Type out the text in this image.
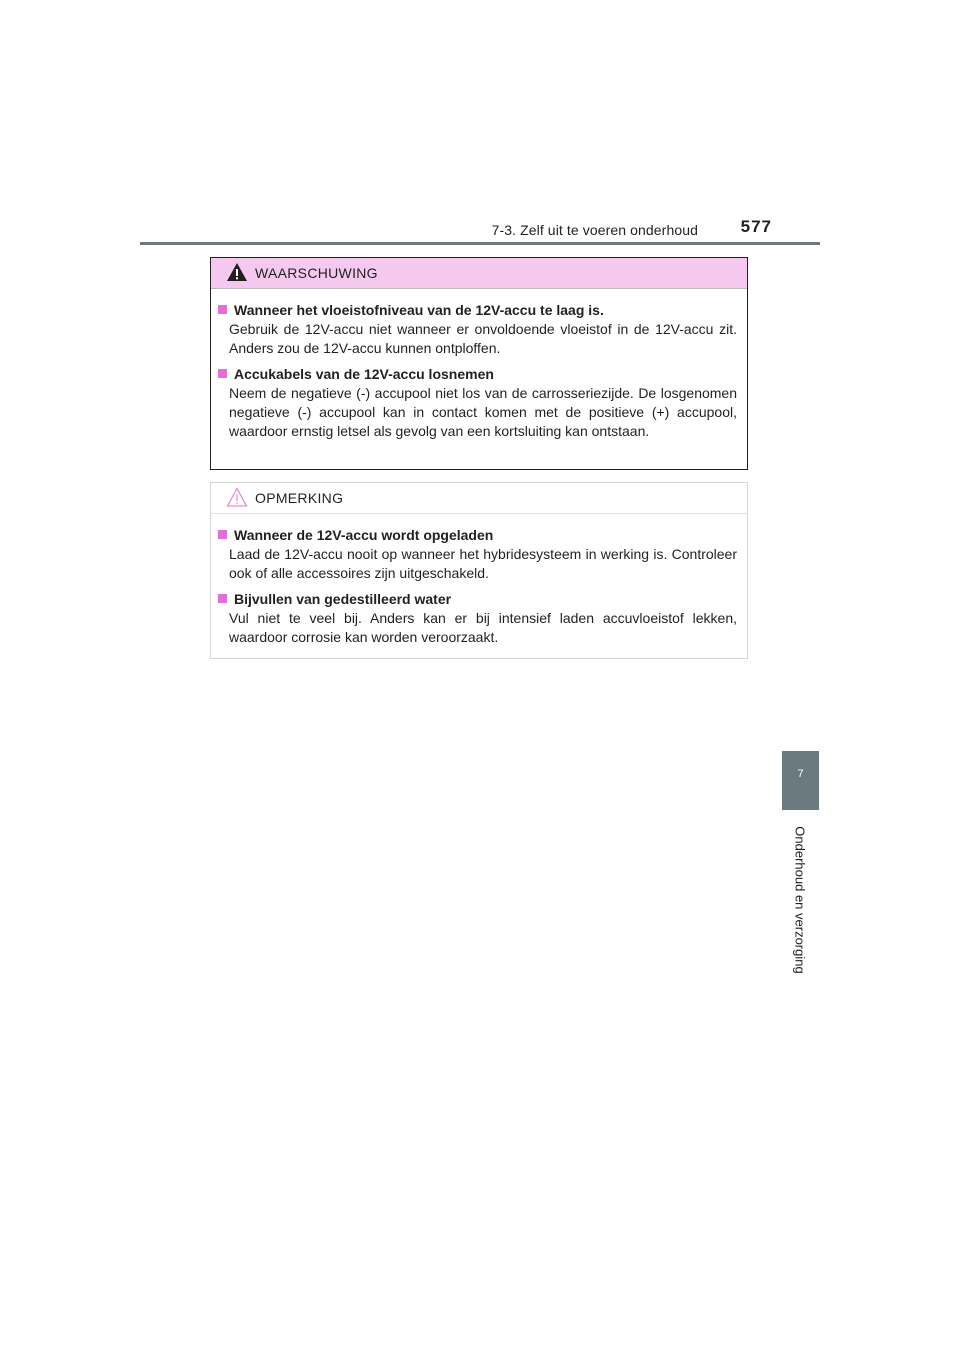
7-3. Zelf uit te voeren onderhoud	577
7
Onderhoud en verzorging
WAARSCHUWING
Wanneer het vloeistofniveau van de 12V-accu te laag is.
Gebruik de 12V-accu niet wanneer er onvoldoende vloeistof in de 12V-accu zit. Anders zou de 12V-accu kunnen ontploffen.
Accukabels van de 12V-accu losnemen
Neem de negatieve (-) accupool niet los van de carrosseriezijde. De losgenomen negatieve (-) accupool kan in contact komen met de positieve (+) accupool, waardoor ernstig letsel als gevolg van een kortsluiting kan ontstaan.
OPMERKING
Wanneer de 12V-accu wordt opgeladen
Laad de 12V-accu nooit op wanneer het hybridesysteem in werking is. Controleer ook of alle accessoires zijn uitgeschakeld.
Bijvullen van gedestilleerd water
Vul niet te veel bij. Anders kan er bij intensief laden accuvloeistof lekken, waardoor corrosie kan worden veroorzaakt.
